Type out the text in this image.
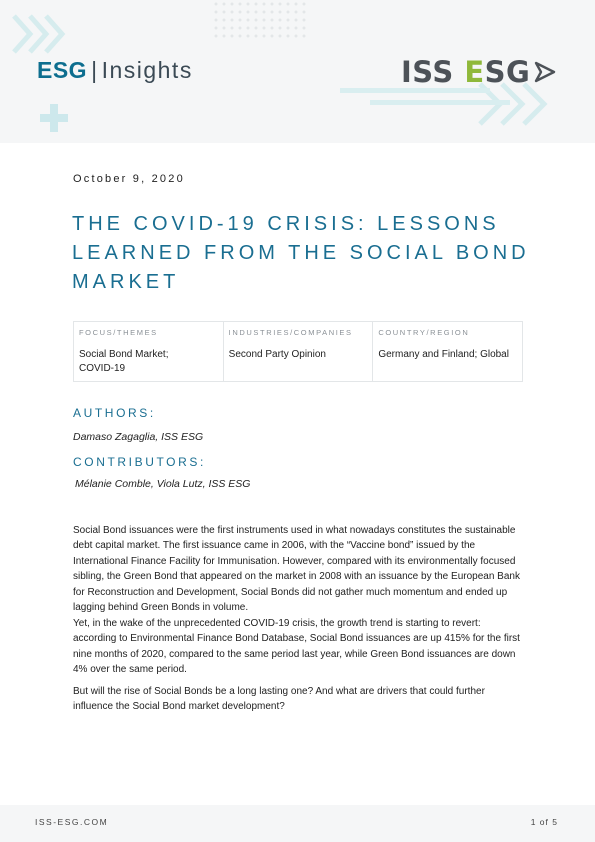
ESG | Insights	ISS E SG
October 9, 2020
THE COVID-19 CRISIS: LESSONS LEARNED FROM THE SOCIAL BOND MARKET
FOCUS/THEMES
Social Bond Market; COVID-19
INDUSTRIES/COMPANIES
Second Party Opinion
COUNTRY/REGION
Germany and Finland; Global
AUTHORS:
Damaso Zagaglia, ISS ESG
CONTRIBUTORS:
Mélanie Comble, Viola Lutz, ISS ESG

Social Bond issuances were the first instruments used in what nowadays constitutes the sustainable debt capital market. The first issuance came in 2006, with the “Vaccine bond” issued by the International Finance Facility for Immunisation. However, compared with its environmentally focused sibling, the Green Bond that appeared on the market in 2008 with an issuance by the European Bank for Reconstruction and Development, Social Bonds did not gather much momentum and ended up lagging behind Green Bonds in volume.

Yet, in the wake of the unprecedented COVID-19 crisis, the growth trend is starting to revert: according to Environmental Finance Bond Database, Social Bond issuances are up 415% for the first nine months of 2020, compared to the same period last year, while Green Bond issuances are down 4% over the same period.

But will the rise of Social Bonds be a long lasting one? And what are drivers that could further influence the Social Bond market development?

ISS-ESG.COM	1 of 5
